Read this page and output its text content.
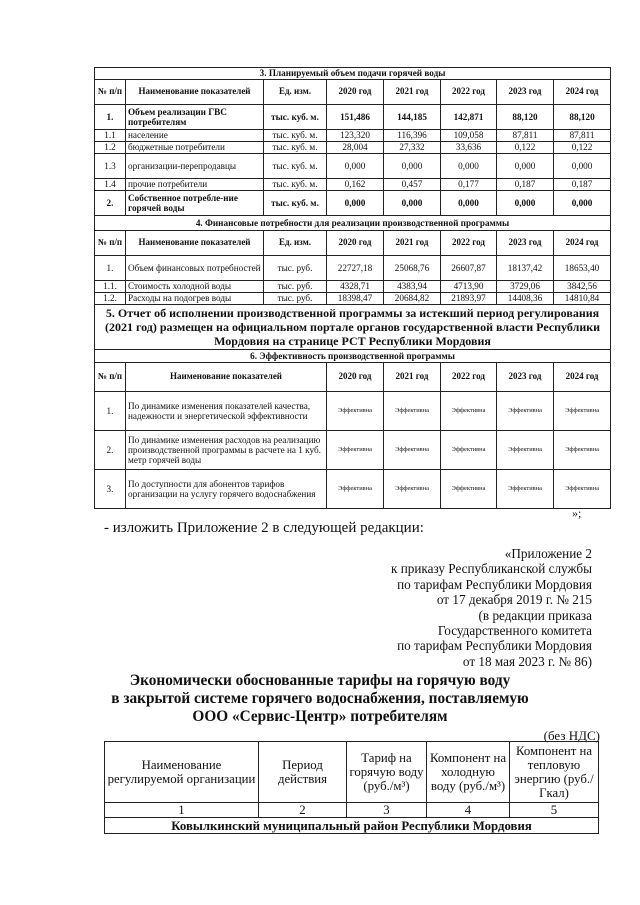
3. Планируемый объем подачи горячей воды							
№ п/п	Наименование показателей	Ед. изм.	2020 год	2021 год	2022 год	2023 год	2024 год
1.	Объем реализации ГВС потребителям	тыс. куб. м.	151,486	144,185	142,871	88,120	88,120
1.1	население	тыс. куб. м.	123,320	116,396	109,058	87,811	87,811
1.2	бюджетные потребители	тыс. куб. м.	28,004	27,332	33,636	0,122	0,122
1.3	организации-перепродавцы	тыс. куб. м.	0,000	0,000	0,000	0,000	0,000
1.4	прочие потребители	тыс. куб. м.	0,162	0,457	0,177	0,187	0,187
2.	Собственное потребле-ние горячей воды	тыс. куб. м.	0,000	0,000	0,000	0,000	0,000
4. Финансовые потребности для реализации производственной программы							
№ п/п	Наименование показателей	Ед. изм.	2020 год	2021 год	2022 год	2023 год	2024 год
1.	Объем финансовых потребностей	тыс. руб.	22727,18	25068,76	26607,87	18137,42	18653,40
1.1.	Стоимость холодной воды	тыс. руб.	4328,71	4383,94	4713,90	3729,06	3842,56
1.2.	Расходы на подогрев воды	тыс. руб.	18398,47	20684,82	21893,97	14408,36	14810,84
5. Отчет об исполнении производственной программы за истекший период регулирования (2021 год) размещен на официальном портале органов государственной власти Республики Мордовия на странице РСТ Республики Мордовия							
6. Эффективность производственной программы							
№ п/п	Наименование показателей		2020 год	2021 год	2022 год	2023 год	2024 год
1.	По динамике изменения показателей качества, надежности и энергетической эффективности		Эффективна	Эффективна	Эффективна	Эффективна	Эффективна
2.	По динамике изменения расходов на реализацию производственной программы в расчете на 1 куб. метр горячей воды		Эффективна	Эффективна	Эффективна	Эффективна	Эффективна
3.	По доступности для абонентов тарифов организации на услугу горячего водоснабжения		Эффективна	Эффективна	Эффективна	Эффективна	Эффективна
»;
- изложить Приложение 2 в следующей редакции:
«Приложение 2
к приказу Республиканской службы
по тарифам Республики Мордовия
от 17 декабря 2019 г. № 215
(в редакции приказа
Государственного комитета
по тарифам Республики Мордовия
от 18 мая 2023 г. № 86)
Экономически обоснованные тарифы на горячую воду
в закрытой системе горячего водоснабжения, поставляемую
ООО «Сервис-Центр» потребителям
(без НДС)
Наименование регулируемой организации	Период действия	Тариф на горячую воду (руб./м³)	Компонент на холодную воду (руб./м³)	Компонент на тепловую энергию (руб./Гкал)
1	2	3	4	5
Ковылкинский муниципальный район Республики Мордовия				
